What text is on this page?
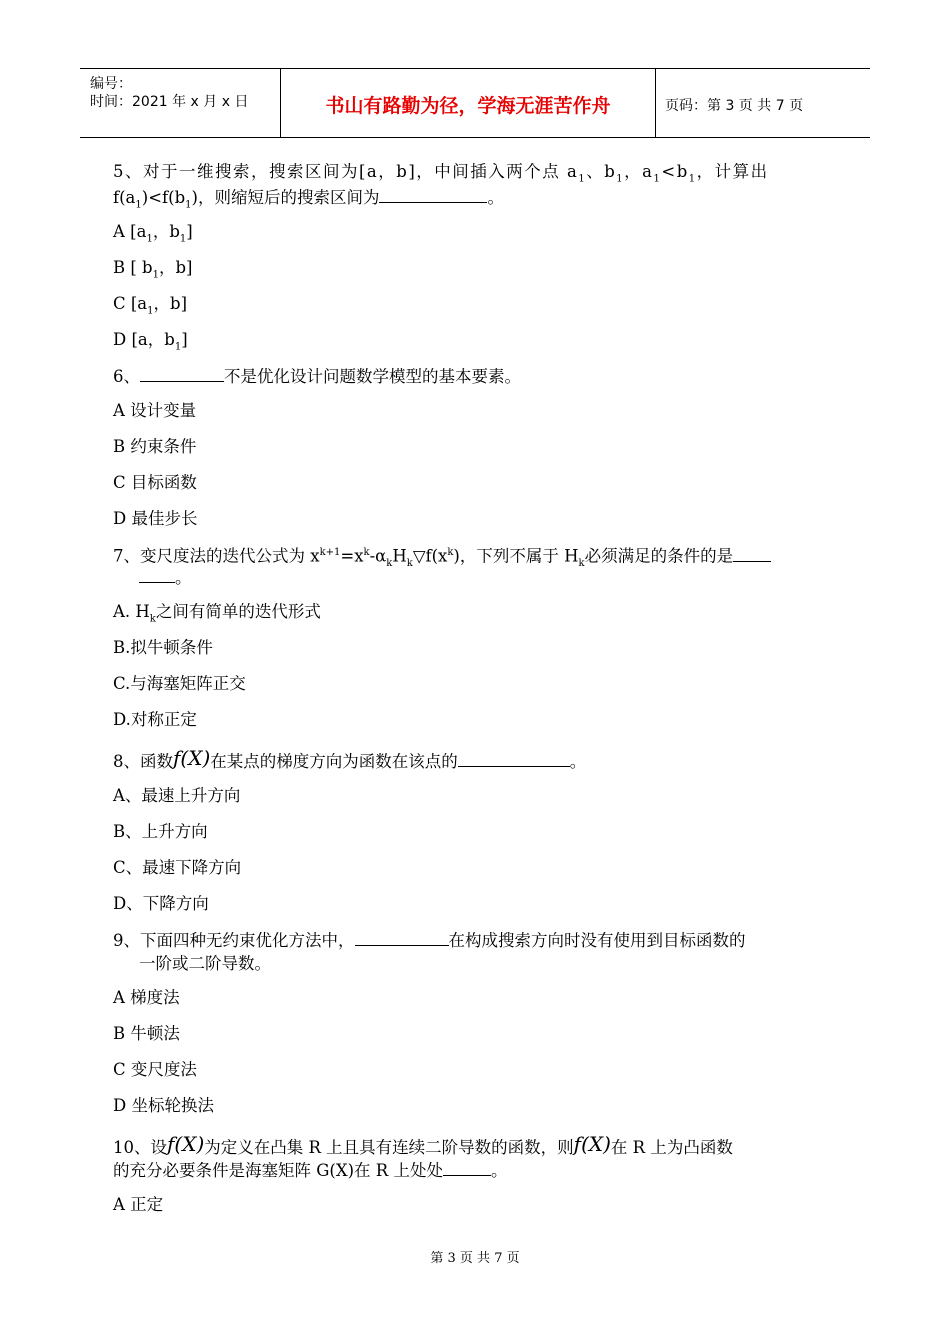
编号：
时间：2021 年 x 月 x 日	书山有路勤为径，学海无涯苦作舟	页码：第 3 页 共 7 页
5、对于一维搜索，搜索区间为[a，b]，中间插入两个点 $a_1$、$b_1$，$a_1<b_1$，计算出
$f(a_1)<f(b_1)$，则缩短后的搜索区间为	。
A [$a_1$，$b_1$]
B [ $b_1$，b]
C [$a_1$，b]
D [a，$b_1$]
6、	不是优化设计问题数学模型的基本要素。
A 设计变量
B 约束条件
C 目标函数
D 最佳步长
7、变尺度法的迭代公式为 $x^{k+1}=x^k-\alpha_kH_k▽f(x^k)$，下列不属于 $H_k$必须满足的条件的是
。
A. $H_k$之间有简单的迭代形式
B.拟牛顿条件
C.与海塞矩阵正交
D.对称正定
8、函数f(X)在某点的梯度方向为函数在该点的	。
A、最速上升方向
B、上升方向
C、最速下降方向
D、下降方向
9、下面四种无约束优化方法中，	在构成搜索方向时没有使用到目标函数的
一阶或二阶导数。
A 梯度法
B 牛顿法
C 变尺度法
D 坐标轮换法
10、设f(X)为定义在凸集 R 上且具有连续二阶导数的函数，则f(X)在 R 上为凸函数
的充分必要条件是海塞矩阵 G(X)在 R 上处处	。
A 正定
第 3 页 共 7 页
